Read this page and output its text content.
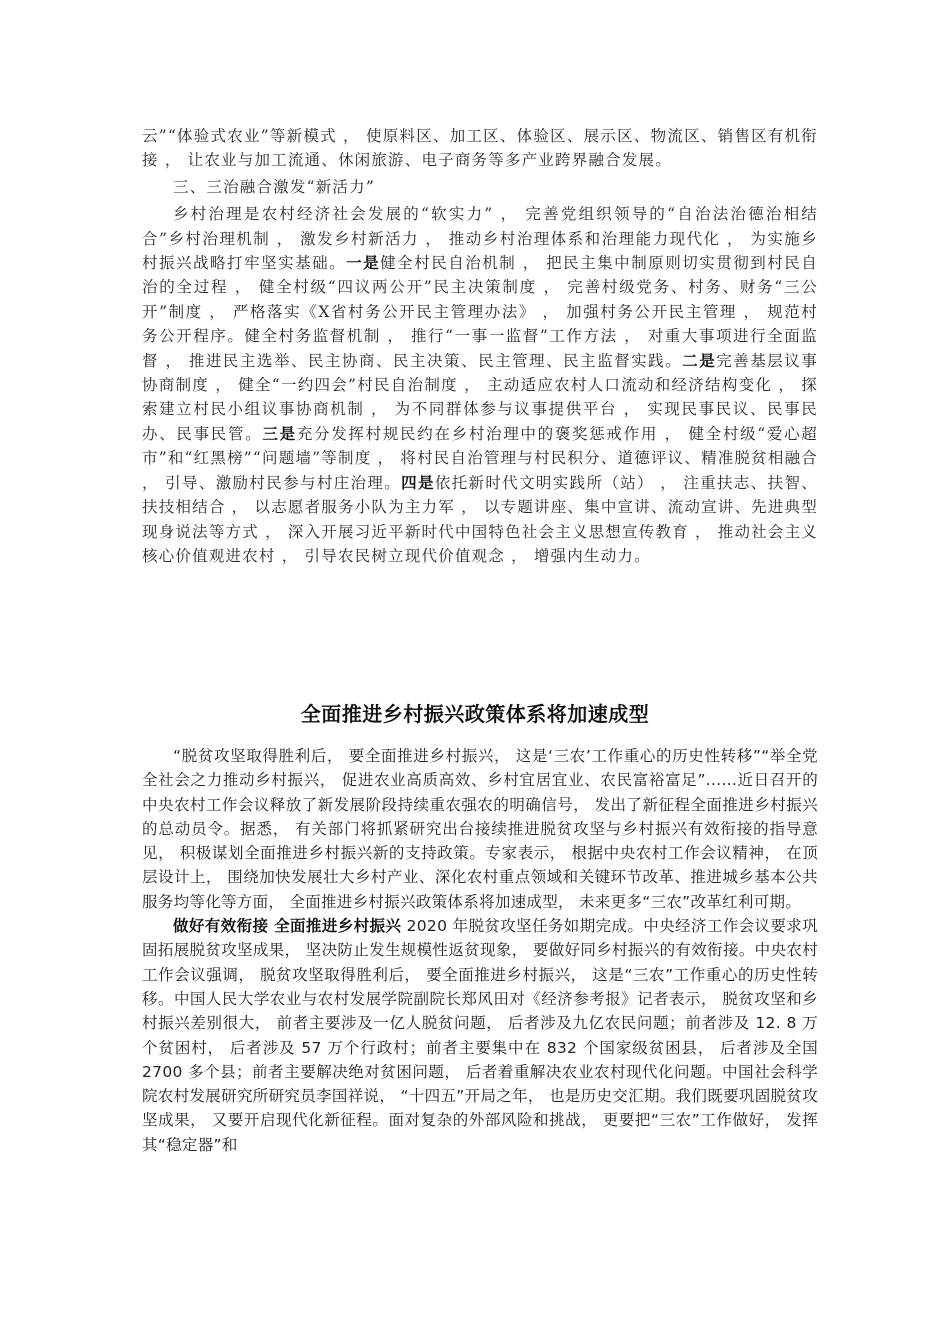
云”“体验式农业”等新模式 ， 使原料区、加工区、体验区、展示区、物流区、销售区有机衔接 ， 让农业与加工流通、休闲旅游、电子商务等多产业跨界融合发展。

三、三治融合激发“新活力”

乡村治理是农村经济社会发展的“软实力” ， 完善党组织领导的“自治法治德治相结合”乡村治理机制 ， 激发乡村新活力 ， 推动乡村治理体系和治理能力现代化 ， 为实施乡村振兴战略打牢坚实基础。一是健全村民自治机制 ， 把民主集中制原则切实贯彻到村民自治的全过程 ， 健全村级“四议两公开”民主决策制度 ， 完善村级党务、村务、财务“三公开”制度 ， 严格落实《X省村务公开民主管理办法》 ， 加强村务公开民主管理 ， 规范村务公开程序。健全村务监督机制 ， 推行“一事一监督”工作方法 ， 对重大事项进行全面监督 ， 推进民主选举、民主协商、民主决策、民主管理、民主监督实践。二是完善基层议事协商制度 ， 健全“一约四会”村民自治制度 ， 主动适应农村人口流动和经济结构变化 ， 探索建立村民小组议事协商机制 ， 为不同群体参与议事提供平台 ， 实现民事民议、民事民办、民事民管。三是充分发挥村规民约在乡村治理中的褒奖惩戒作用 ， 健全村级“爱心超市”和“红黑榜”“问题墙”等制度 ， 将村民自治管理与村民积分、道德评议、精准脱贫相融合 ， 引导、激励村民参与村庄治理。四是依托新时代文明实践所（站） ， 注重扶志、扶智、扶技相结合 ， 以志愿者服务小队为主力军 ， 以专题讲座、集中宣讲、流动宣讲、先进典型现身说法等方式 ， 深入开展习近平新时代中国特色社会主义思想宣传教育 ， 推动社会主义核心价值观进农村 ， 引导农民树立现代价值观念 ， 增强内生动力。

全面推进乡村振兴政策体系将加速成型

“脱贫攻坚取得胜利后， 要全面推进乡村振兴， 这是‘三农’工作重心的历史性转移”“举全党全社会之力推动乡村振兴， 促进农业高质高效、乡村宜居宜业、农民富裕富足”......近日召开的中央农村工作会议释放了新发展阶段持续重农强农的明确信号， 发出了新征程全面推进乡村振兴的总动员令。据悉， 有关部门将抓紧研究出台接续推进脱贫攻坚与乡村振兴有效衔接的指导意见， 积极谋划全面推进乡村振兴新的支持政策。专家表示， 根据中央农村工作会议精神， 在顶层设计上， 围绕加快发展壮大乡村产业、深化农村重点领域和关键环节改革、推进城乡基本公共服务均等化等方面， 全面推进乡村振兴政策体系将加速成型， 未来更多“三农”改革红利可期。

做好有效衔接 全面推进乡村振兴 2020 年脱贫攻坚任务如期完成。中央经济工作会议要求巩固拓展脱贫攻坚成果， 坚决防止发生规模性返贫现象， 要做好同乡村振兴的有效衔接。中央农村工作会议强调， 脱贫攻坚取得胜利后， 要全面推进乡村振兴， 这是“三农”工作重心的历史性转移。中国人民大学农业与农村发展学院副院长郑风田对《经济参考报》记者表示， 脱贫攻坚和乡村振兴差别很大， 前者主要涉及一亿人脱贫问题， 后者涉及九亿农民问题；前者涉及 12. 8 万个贫困村， 后者涉及 57 万个行政村；前者主要集中在 832 个国家级贫困县， 后者涉及全国 2700 多个县；前者主要解决绝对贫困问题， 后者着重解决农业农村现代化问题。中国社会科学院农村发展研究所研究员李国祥说， “十四五”开局之年， 也是历史交汇期。我们既要巩固脱贫攻坚成果， 又要开启现代化新征程。面对复杂的外部风险和挑战， 更要把“三农”工作做好， 发挥其“稳定器”和
